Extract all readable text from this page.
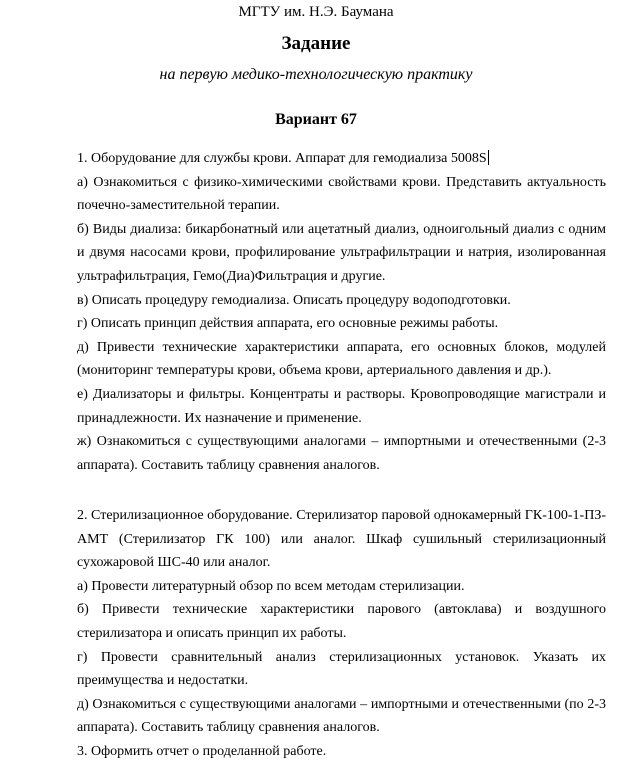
МГТУ им. Н.Э. Баумана
Задание
на первую медико-технологическую практику
Вариант 67

1. Оборудование для службы крови. Аппарат для гемодиализа 5008S

а) Ознакомиться с физико-химическими свойствами крови. Представить актуальность почечно-заместительной терапии.

б) Виды диализа: бикарбонатный или ацетатный диализ, одноигольный диализ с одним и двумя насосами крови, профилирование ультрафильтрации и натрия, изолированная ультрафильтрация, Гемо(Диа)Фильтрация и другие.

в) Описать процедуру гемодиализа. Описать процедуру водоподготовки.

г) Описать принцип действия аппарата, его основные режимы работы.

д) Привести технические характеристики аппарата, его основных блоков, модулей (мониторинг температуры крови, объема крови, артериального давления и др.).

е) Диализаторы и фильтры. Концентраты и растворы. Кровопроводящие магистрали и принадлежности. Их назначение и применение.

ж) Ознакомиться с существующими аналогами – импортными и отечественными (2-3 аппарата). Составить таблицу сравнения аналогов.

2. Стерилизационное оборудование. Стерилизатор паровой однокамерный ГК-100-1-ПЗ-АМТ (Стерилизатор ГК 100) или аналог. Шкаф сушильный стерилизационный сухожаровой ШС-40 или аналог.

а) Провести литературный обзор по всем методам стерилизации.

б) Привести технические характеристики парового (автоклава) и воздушного стерилизатора и описать принцип их работы.

г) Провести сравнительный анализ стерилизационных установок. Указать их преимущества и недостатки.

д) Ознакомиться с существующими аналогами – импортными и отечественными (по 2-3 аппарата). Составить таблицу сравнения аналогов.

3. Оформить отчет о проделанной работе.
